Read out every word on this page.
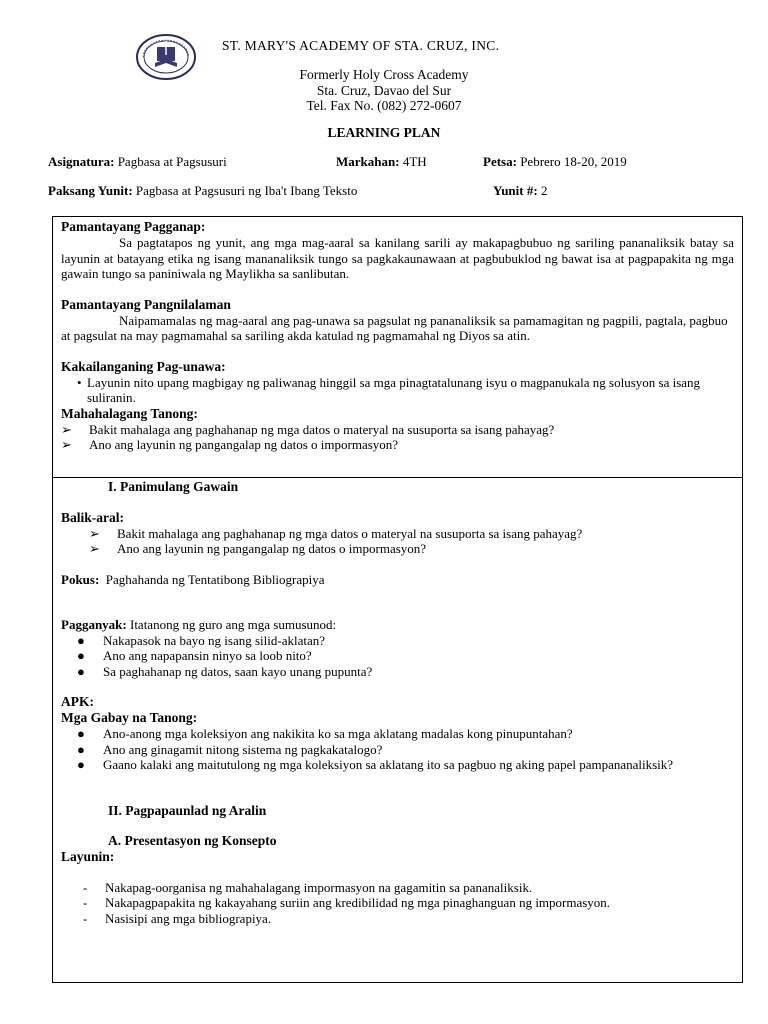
ST. MARY'S ACADEMY OF STA. CRUZ, INC.
Formerly Holy Cross Academy
Sta. Cruz, Davao del Sur
Tel. Fax No. (082) 272-0607
LEARNING PLAN
Asignatura: Pagbasa at Pagsusuri	Markahan: 4TH	Petsa: Pebrero 18-20, 2019
Paksang Yunit: Pagbasa at Pagsusuri ng Iba't Ibang Teksto	Yunit #: 2
Pamantayang Pagganap:

Sa pagtatapos ng yunit, ang mga mag-aaral sa kanilang sarili ay makapagbubuo ng sariling pananaliksik batay sa layunin at batayang etika ng isang mananaliksik tungo sa pagkakaunawaan at pagbubuklod ng bawat isa at pagpapakita ng mga gawain tungo sa paniniwala ng Maylikha sa sanlibutan.

Pamantayang Pangnilalaman

Naipamamalas ng mag-aaral ang pag-unawa sa pagsulat ng pananaliksik sa pamamagitan ng pagpili, pagtala, pagbuo at pagsulat na may pagmamahal sa sariling akda katulad ng pagmamahal ng Diyos sa atin.

Kakailanganing Pag-unawa:
• Layunin nito upang magbigay ng paliwanag hinggil sa mga pinagtatalunang isyu o magpanukala ng solusyon sa isang suliranin.
Mahahalagang Tanong:
➢ Bakit mahalaga ang paghahanap ng mga datos o materyal na susuporta sa isang pahayag?
➢ Ano ang layunin ng pangangalap ng datos o impormasyon?
I. Panimulang Gawain
Balik-aral:
➢ Bakit mahalaga ang paghahanap ng mga datos o materyal na susuporta sa isang pahayag?
➢ Ano ang layunin ng pangangalap ng datos o impormasyon?

Pokus: Paghahanda ng Tentatibong Bibliograpiya

Pagganyak: Itatanong ng guro ang mga sumusunod:

● Nakapasok na bayo ng isang silid-aklatan?
● Ano ang napapansin ninyo sa loob nito?
● Sa paghahanap ng datos, saan kayo unang pupunta?
APK:
Mga Gabay na Tanong:
● Ano-anong mga koleksiyon ang nakikita ko sa mga aklatang madalas kong pinupuntahan?
● Ano ang ginagamit nitong sistema ng pagkakatalogo?
● Gaano kalaki ang maitutulong ng mga koleksiyon sa aklatang ito sa pagbuo ng aking papel pampananaliksik?
II. Pagpapaunlad ng Aralin
A. Presentasyon ng Konsepto
Layunin:
- Nakapag-oorganisa ng mahahalagang impormasyon na gagamitin sa pananaliksik.
- Nakapagpapakita ng kakayahang suriin ang kredibilidad ng mga pinaghanguan ng impormasyon.
- Nasisipi ang mga bibliograpiya.
